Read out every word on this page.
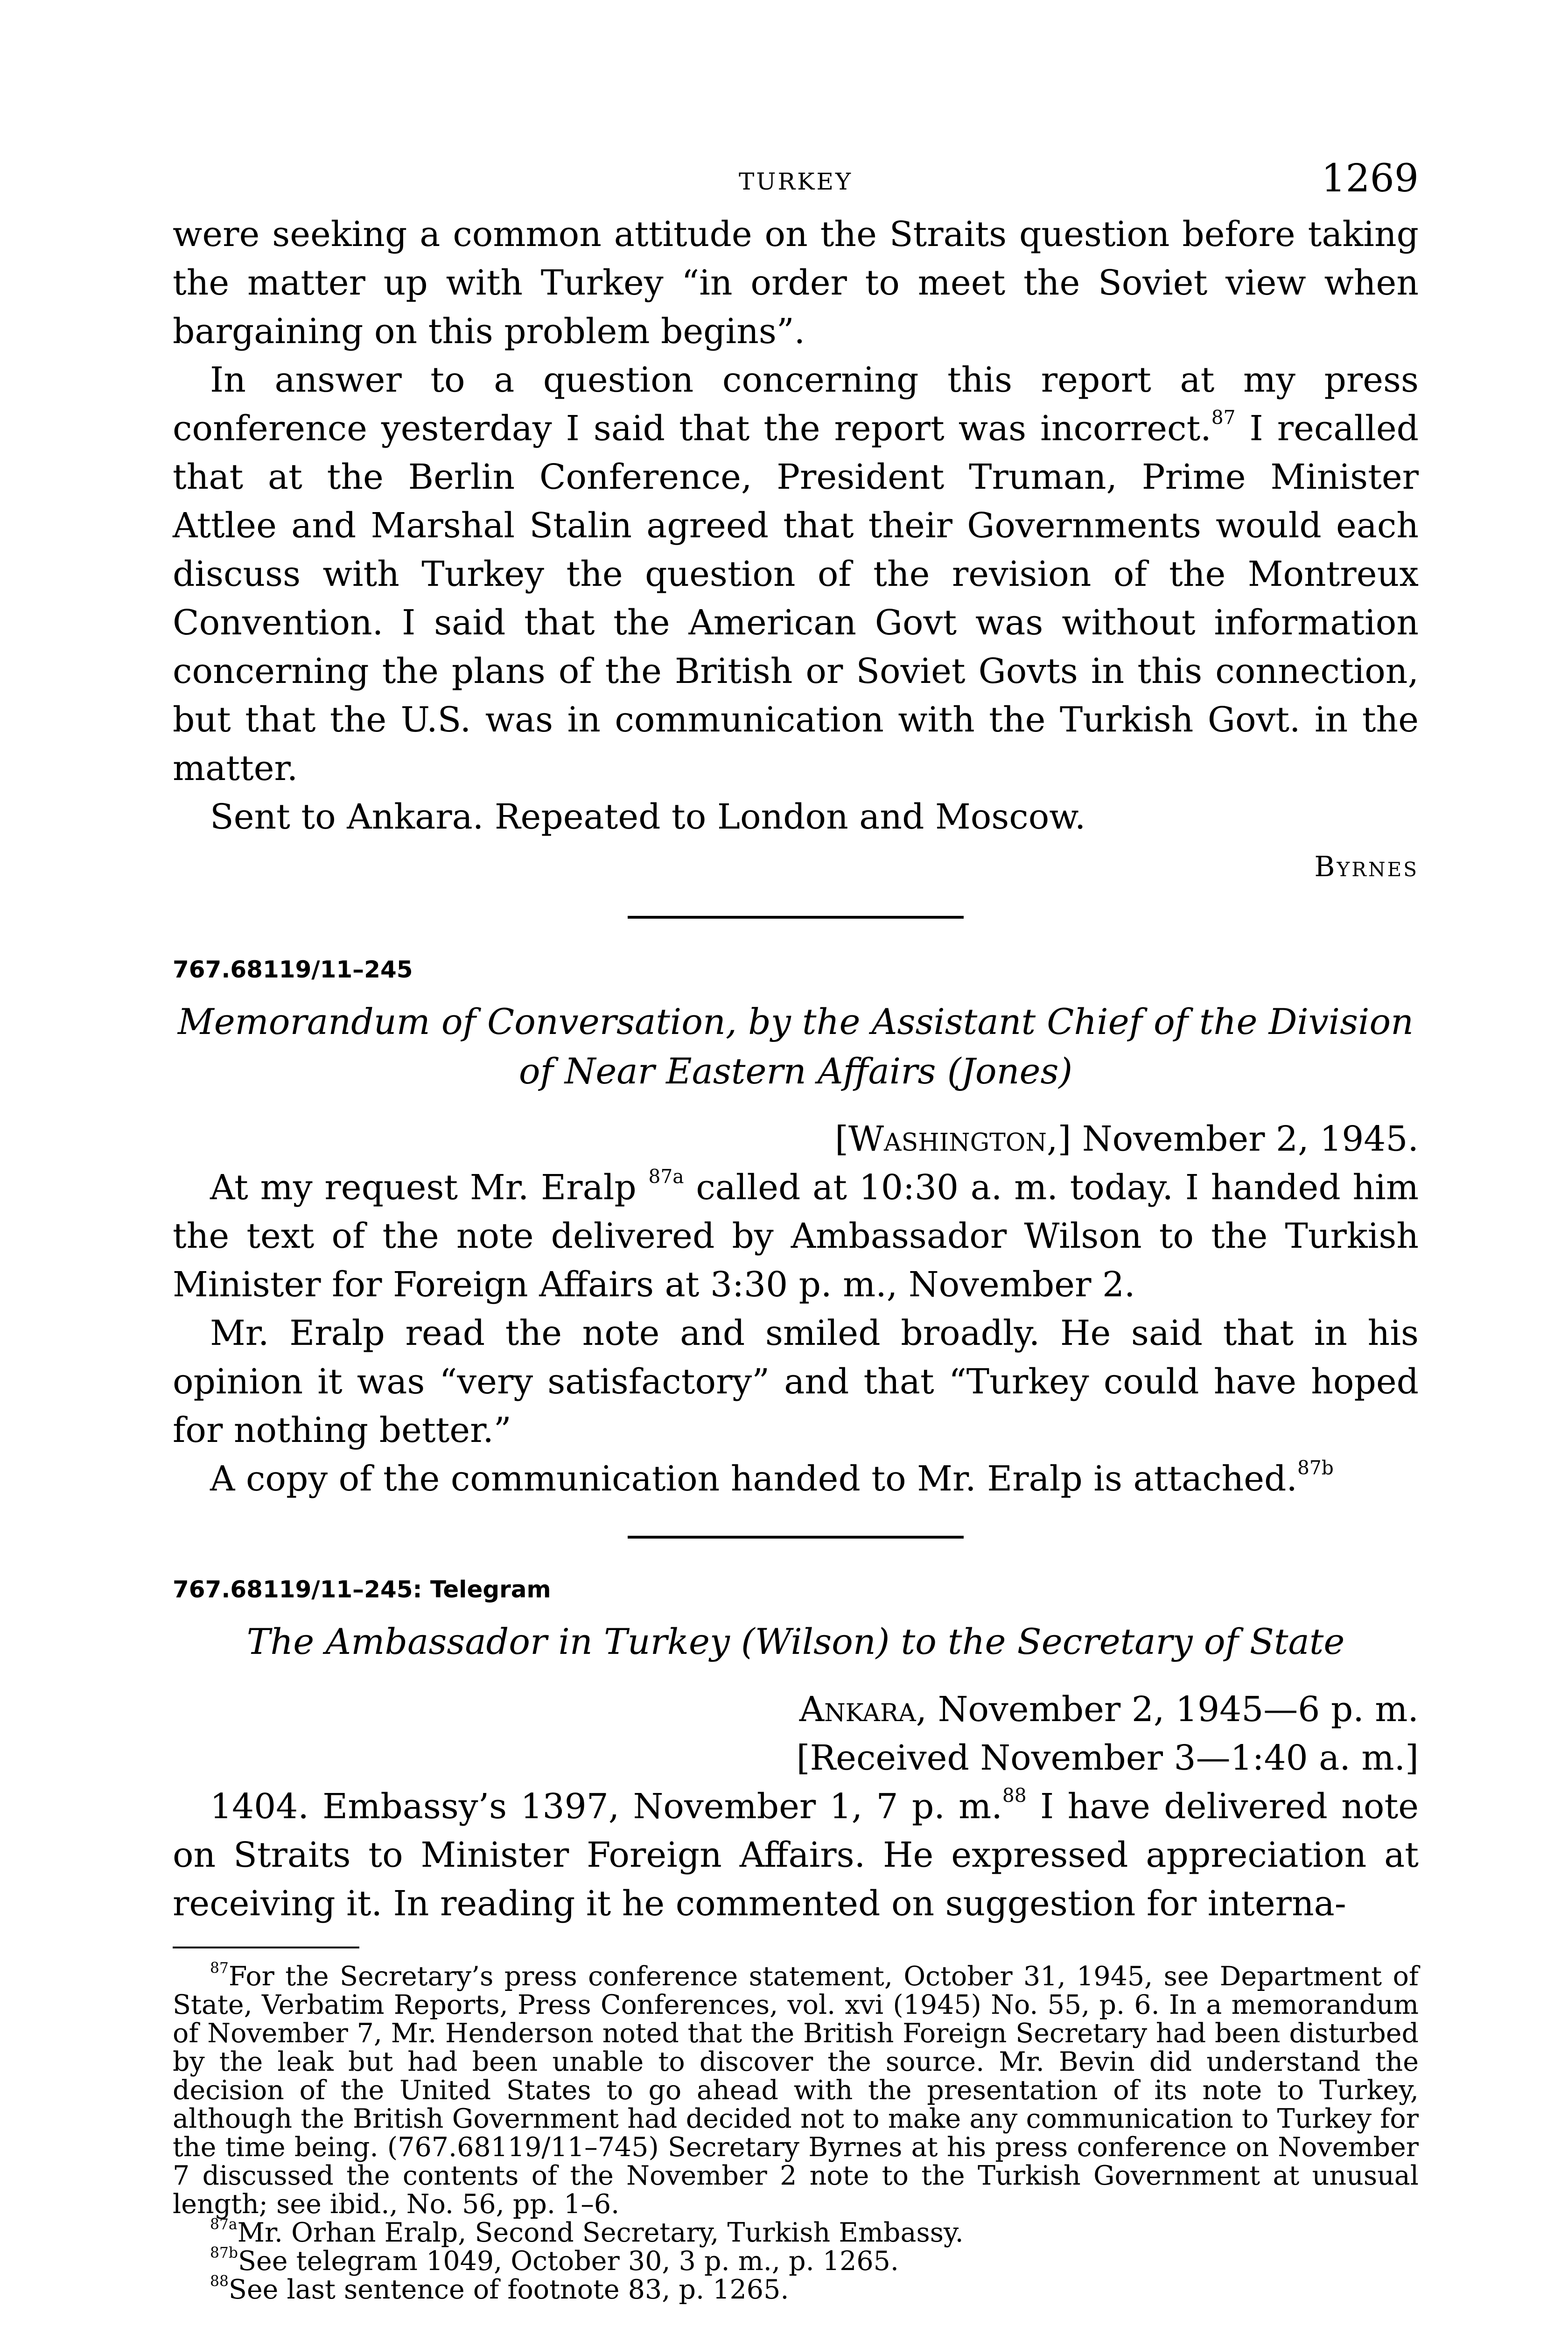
TURKEY	1269

were seeking a common attitude on the Straits question before taking the matter up with Turkey “in order to meet the Soviet view when bargaining on this problem begins”.

In answer to a question concerning this report at my press conference yesterday I said that the report was incorrect.$^{87}$ I recalled that at the Berlin Conference, President Truman, Prime Minister Attlee and Marshal Stalin agreed that their Governments would each discuss with Turkey the question of the revision of the Montreux Convention. I said that the American Govt was without information concerning the plans of the British or Soviet Govts in this connection, but that the U.S. was in communication with the Turkish Govt. in the matter.

Sent to Ankara. Repeated to London and Moscow.

Byrnes
767.68119/11–245
Memorandum of Conversation, by the Assistant Chief of the Division of Near Eastern Affairs (Jones)
[Washington,] November 2, 1945.

At my request Mr. Eralp $^{87a}$ called at 10:30 a. m. today. I handed him the text of the note delivered by Ambassador Wilson to the Turkish Minister for Foreign Affairs at 3:30 p. m., November 2.

Mr. Eralp read the note and smiled broadly. He said that in his opinion it was “very satisfactory” and that “Turkey could have hoped for nothing better.”

A copy of the communication handed to Mr. Eralp is attached.$^{87b}$

767.68119/11–245: Telegram
The Ambassador in Turkey (Wilson) to the Secretary of State
Ankara, November 2, 1945—6 p. m.
[Received November 3—1:40 a. m.]

1404. Embassy’s 1397, November 1, 7 p. m.$^{88}$ I have delivered note on Straits to Minister Foreign Affairs. He expressed appreciation at receiving it. In reading it he commented on suggestion for interna-

$^{87}$For the Secretary’s press conference statement, October 31, 1945, see Department of State, Verbatim Reports, Press Conferences, vol. xvi (1945) No. 55, p. 6. In a memorandum of November 7, Mr. Henderson noted that the British Foreign Secretary had been disturbed by the leak but had been unable to discover the source. Mr. Bevin did understand the decision of the United States to go ahead with the presentation of its note to Turkey, although the British Government had decided not to make any communication to Turkey for the time being. (767.68119/11–745) Secretary Byrnes at his press conference on November 7 discussed the contents of the November 2 note to the Turkish Government at unusual length; see ibid., No. 56, pp. 1–6.

$^{87a}$Mr. Orhan Eralp, Second Secretary, Turkish Embassy.

$^{87b}$See telegram 1049, October 30, 3 p. m., p. 1265.

$^{88}$See last sentence of footnote 83, p. 1265.
